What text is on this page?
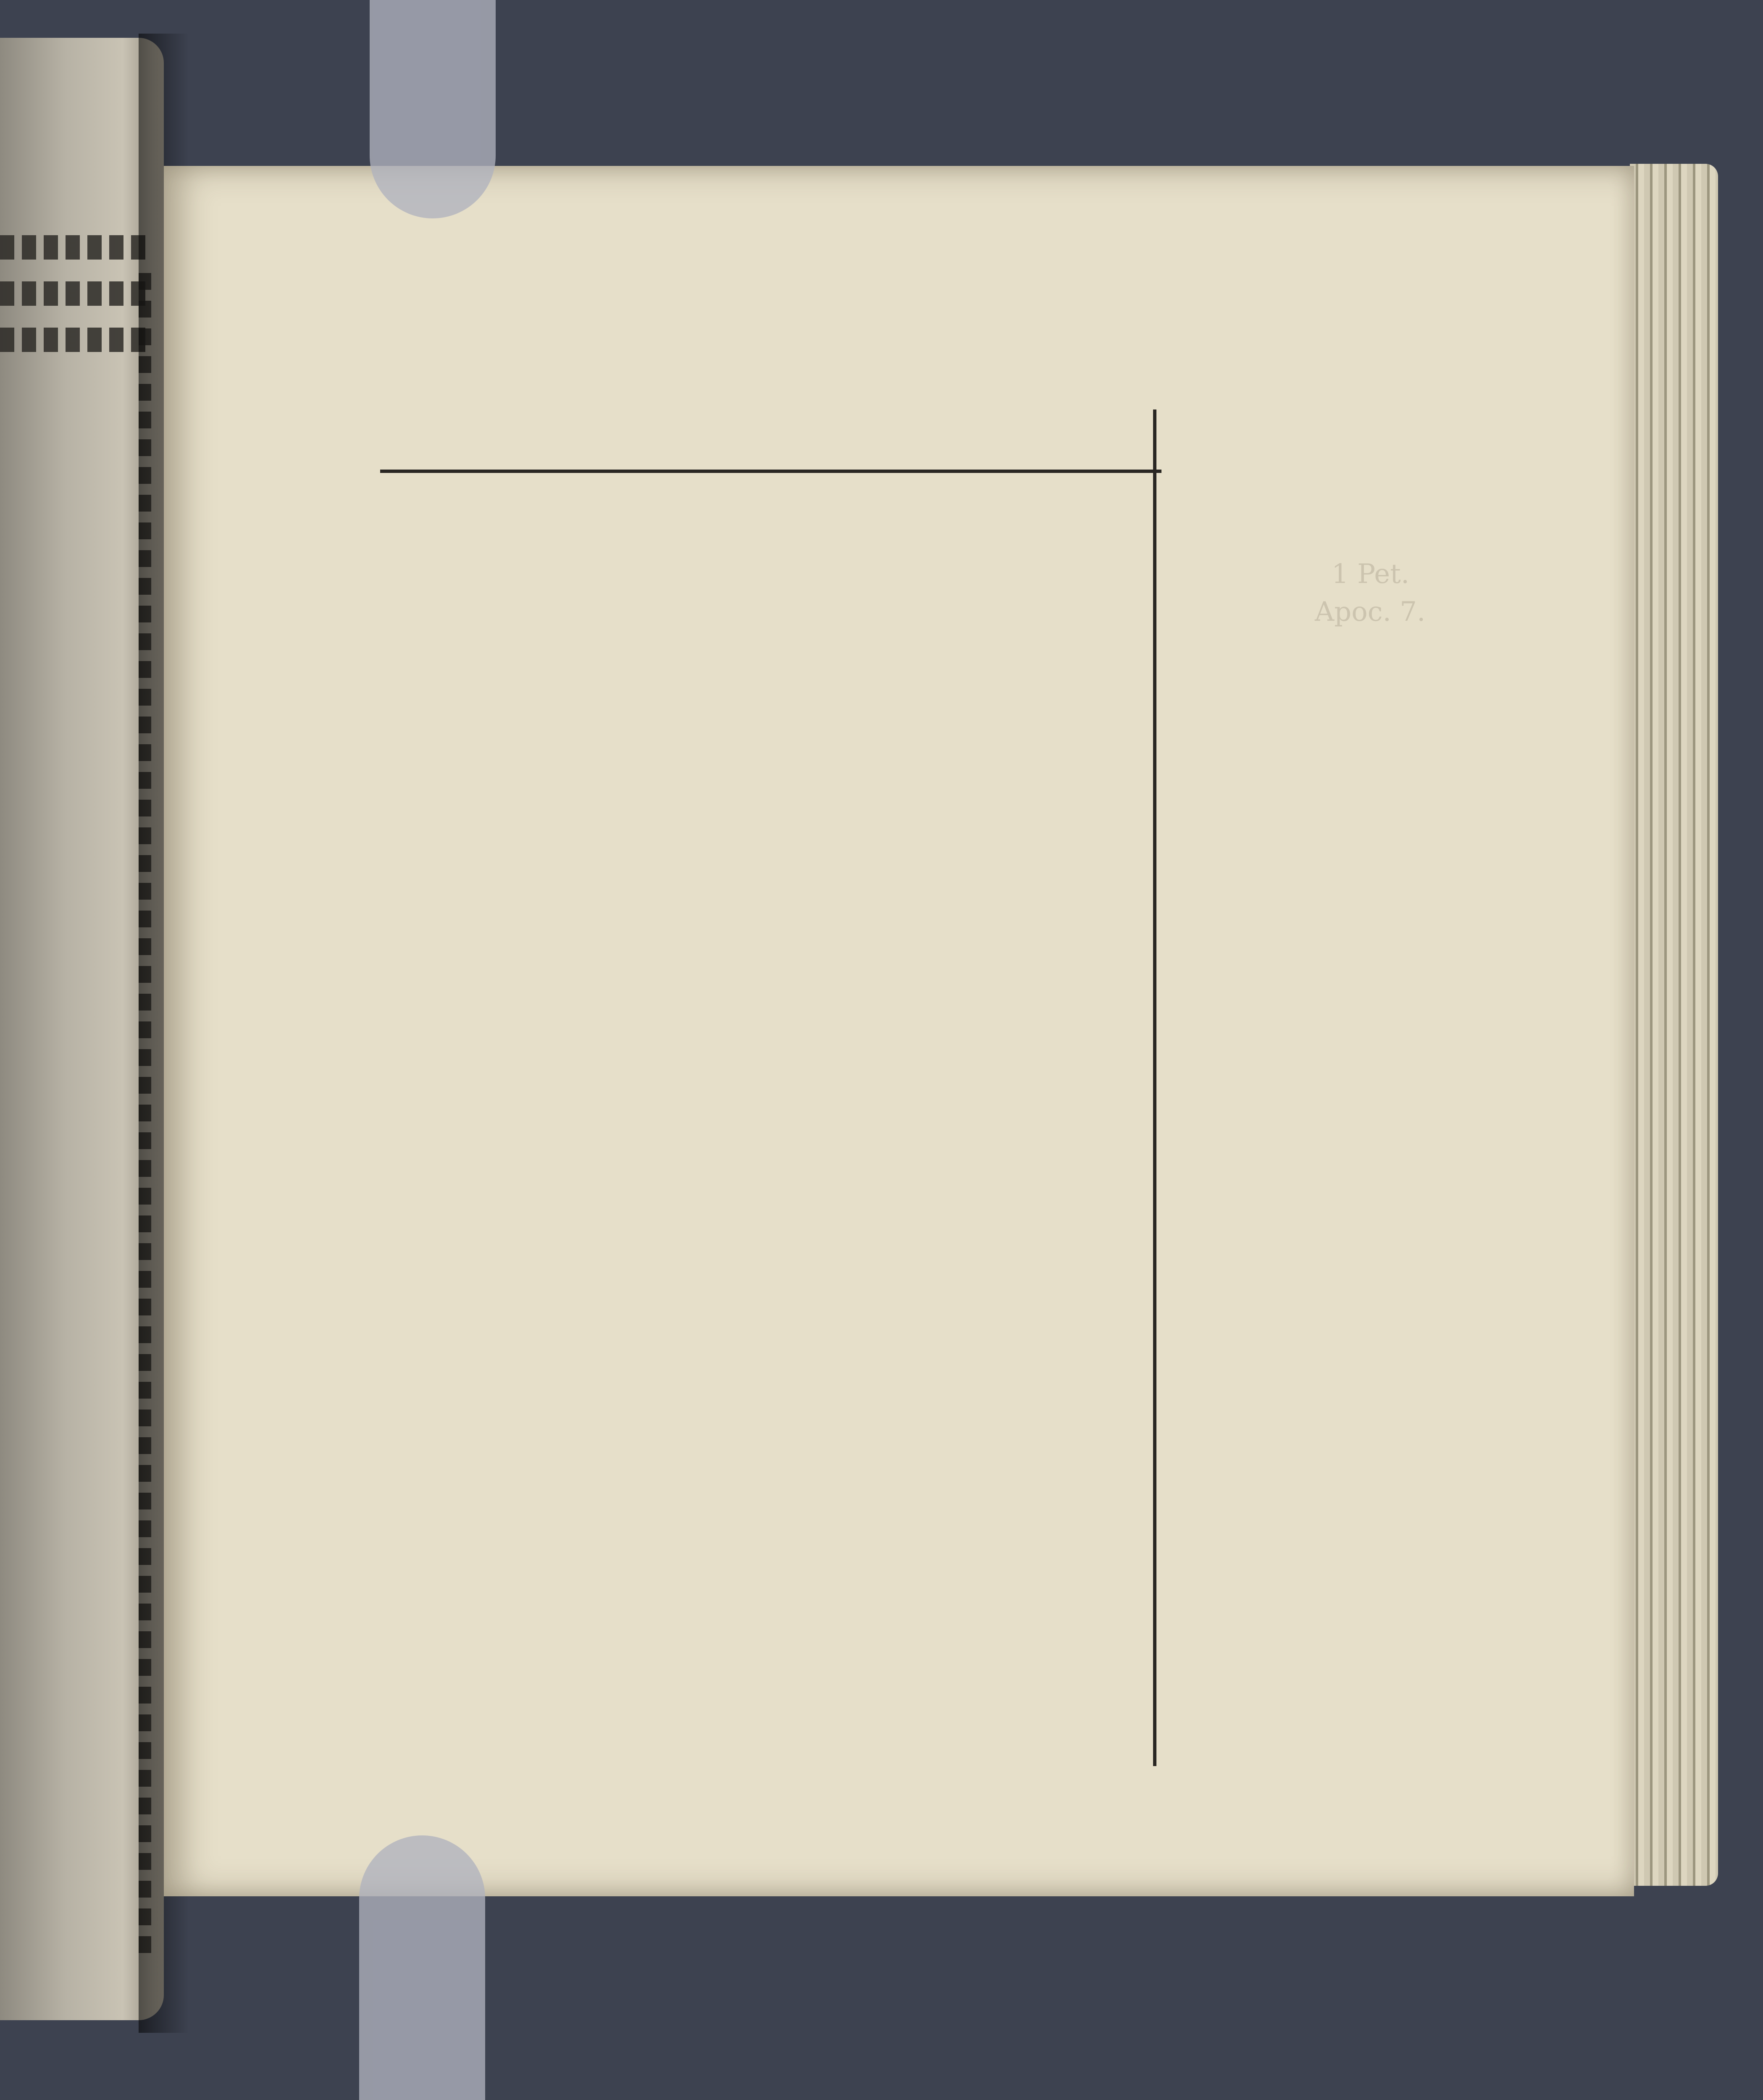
1 Pet.
Apoc. 7.
